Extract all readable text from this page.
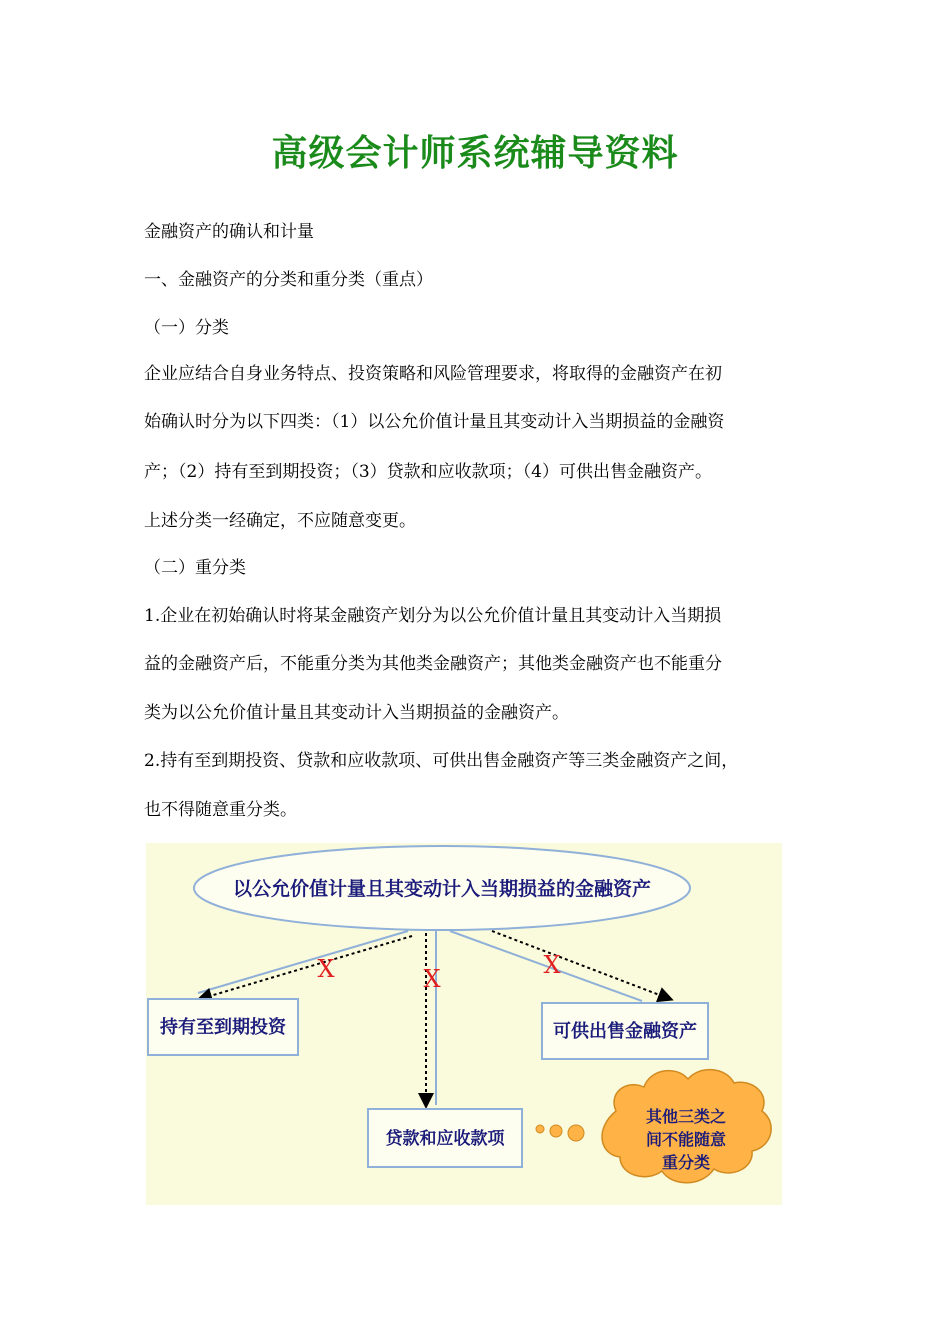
高级会计师系统辅导资料
金融资产的确认和计量
一、金融资产的分类和重分类（重点）
（一）分类
企业应结合自身业务特点、投资策略和风险管理要求，将取得的金融资产在初
始确认时分为以下四类：（1）以公允价值计量且其变动计入当期损益的金融资
产；（2）持有至到期投资；（3）贷款和应收款项；（4）可供出售金融资产。
上述分类一经确定，不应随意变更。
（二）重分类
1.企业在初始确认时将某金融资产划分为以公允价值计量且其变动计入当期损
益的金融资产后，不能重分类为其他类金融资产；其他类金融资产也不能重分
类为以公允价值计量且其变动计入当期损益的金融资产。
2.持有至到期投资、贷款和应收款项、可供出售金融资产等三类金融资产之间，
也不得随意重分类。
以公允价值计量且其变动计入当期损益的金融资产
X	X	X
持有至到期投资	可供出售金融资产
贷款和应收款项
其他三类之
间不能随意
重分类
